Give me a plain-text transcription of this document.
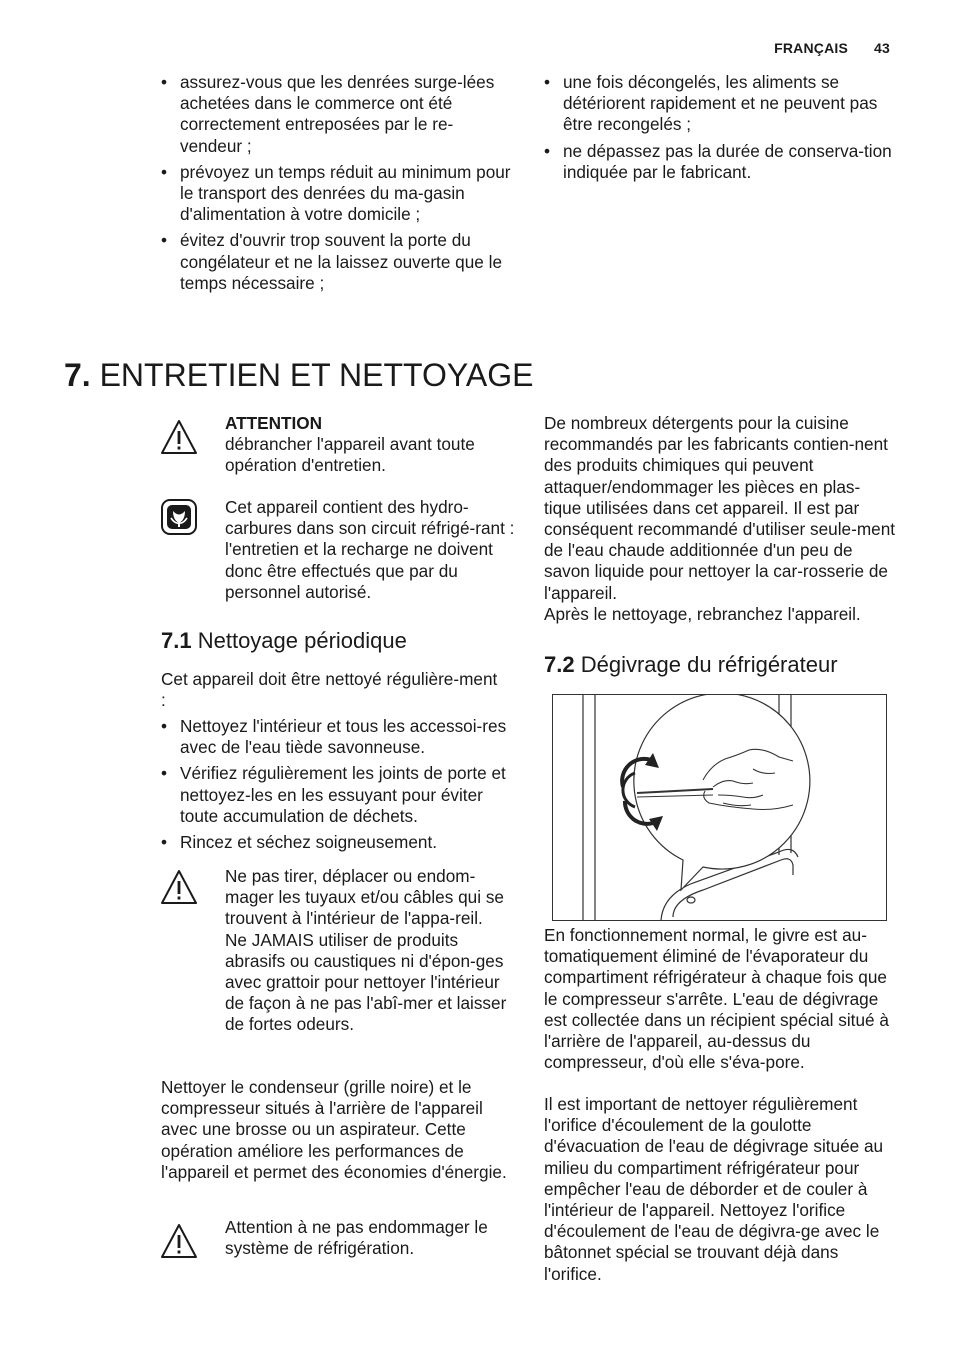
FRANÇAIS 43
• assurez-vous que les denrées surge-lées achetées dans le commerce ont été correctement entreposées par le re-vendeur ;
• prévoyez un temps réduit au minimum pour le transport des denrées du ma-gasin d'alimentation à votre domicile ;
• évitez d'ouvrir trop souvent la porte du congélateur et ne la laissez ouverte que le temps nécessaire ;
• une fois décongelés, les aliments se détériorent rapidement et ne peuvent pas être recongelés ;
• ne dépassez pas la durée de conserva-tion indiquée par le fabricant.
7. ENTRETIEN ET NETTOYAGE
ATTENTION
débrancher l'appareil avant toute opération d'entretien.
Cet appareil contient des hydro-carbures dans son circuit réfrigé-rant : l'entretien et la recharge ne doivent donc être effectués que par du personnel autorisé.
7.1 Nettoyage périodique
Cet appareil doit être nettoyé régulière-ment :
• Nettoyez l'intérieur et tous les accessoi-res avec de l'eau tiède savonneuse.
• Vérifiez régulièrement les joints de porte et nettoyez-les en les essuyant pour éviter toute accumulation de déchets.
• Rincez et séchez soigneusement.
Ne pas tirer, déplacer ou endom-mager les tuyaux et/ou câbles qui se trouvent à l'intérieur de l'appa-reil.
Ne JAMAIS utiliser de produits abrasifs ou caustiques ni d'épon-ges avec grattoir pour nettoyer l'intérieur de façon à ne pas l'abî-mer et laisser de fortes odeurs.
Nettoyer le condenseur (grille noire) et le compresseur situés à l'arrière de l'appareil avec une brosse ou un aspirateur. Cette opération améliore les performances de l'appareil et permet des économies d'énergie.
Attention à ne pas endommager le système de réfrigération.
De nombreux détergents pour la cuisine recommandés par les fabricants contien-nent des produits chimiques qui peuvent attaquer/endommager les pièces en plas-tique utilisées dans cet appareil. Il est par conséquent recommandé d'utiliser seule-ment de l'eau chaude additionnée d'un peu de savon liquide pour nettoyer la car-rosserie de l'appareil.
Après le nettoyage, rebranchez l'appareil.
7.2 Dégivrage du réfrigérateur
En fonctionnement normal, le givre est au-tomatiquement éliminé de l'évaporateur du compartiment réfrigérateur à chaque fois que le compresseur s'arrête. L'eau de dégivrage est collectée dans un récipient spécial situé à l'arrière de l'appareil, au-dessus du compresseur, d'où elle s'éva-pore.
Il est important de nettoyer régulièrement l'orifice d'écoulement de la goulotte d'évacuation de l'eau de dégivrage située au milieu du compartiment réfrigérateur pour empêcher l'eau de déborder et de couler à l'intérieur de l'appareil. Nettoyez l'orifice d'écoulement de l'eau de dégivra-ge avec le bâtonnet spécial se trouvant déjà dans l'orifice.
